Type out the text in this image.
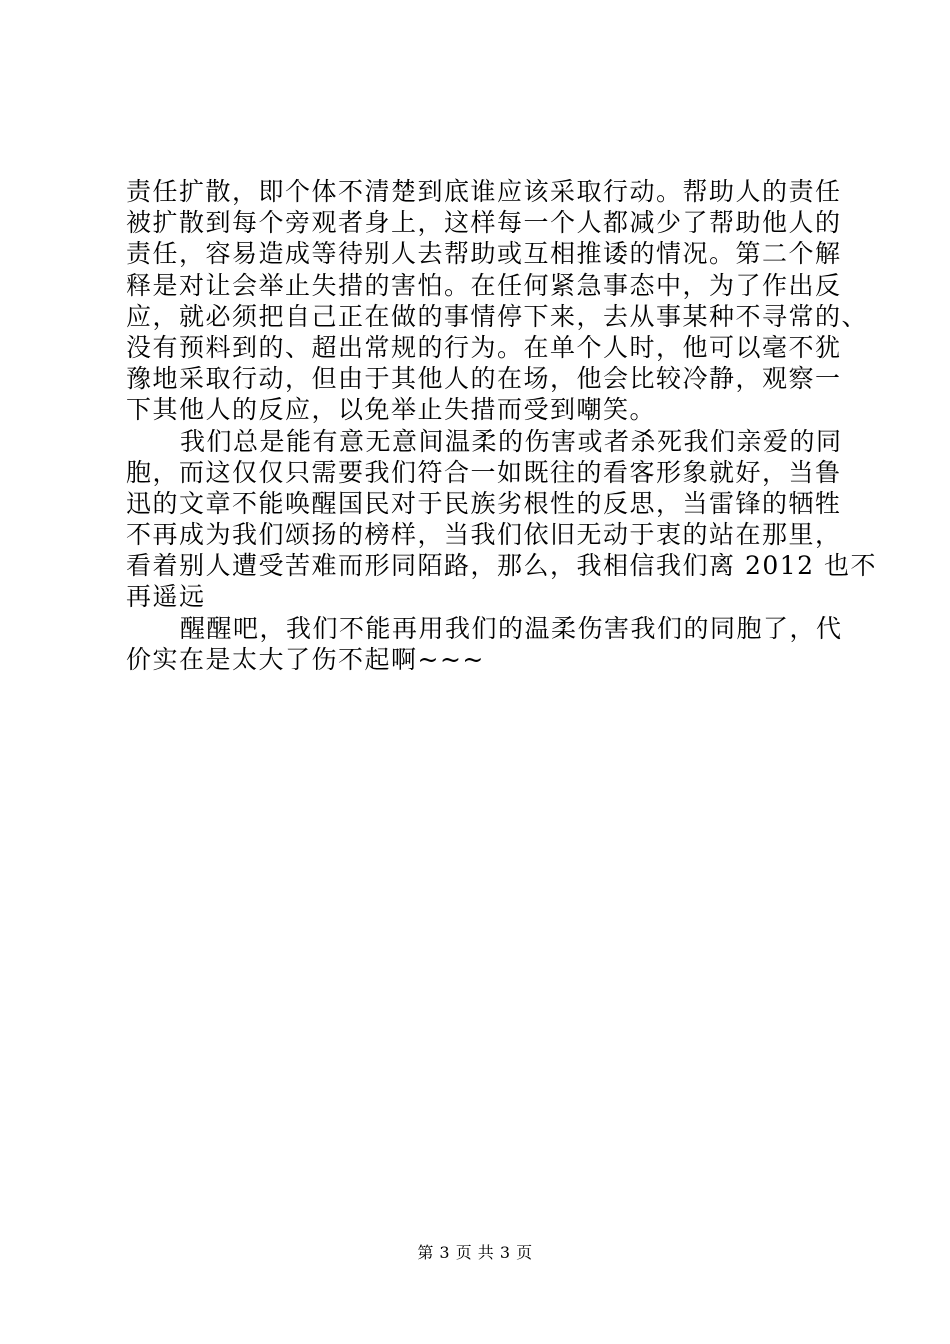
责任扩散，即个体不清楚到底谁应该采取行动。帮助人的责任
被扩散到每个旁观者身上，这样每一个人都减少了帮助他人的
责任，容易造成等待别人去帮助或互相推诿的情况。第二个解
释是对让会举止失措的害怕。在任何紧急事态中，为了作出反
应，就必须把自己正在做的事情停下来，去从事某种不寻常的、
没有预料到的、超出常规的行为。在单个人时，他可以毫不犹
豫地采取行动，但由于其他人的在场，他会比较冷静，观察一
下其他人的反应，以免举止失措而受到嘲笑。
我们总是能有意无意间温柔的伤害或者杀死我们亲爱的同
胞，而这仅仅只需要我们符合一如既往的看客形象就好，当鲁
迅的文章不能唤醒国民对于民族劣根性的反思，当雷锋的牺牲
不再成为我们颂扬的榜样，当我们依旧无动于衷的站在那里，
看着别人遭受苦难而形同陌路，那么，我相信我们离 2012 也不
再遥远
醒醒吧，我们不能再用我们的温柔伤害我们的同胞了，代
价实在是太大了伤不起啊~~~
第 3 页 共 3 页
